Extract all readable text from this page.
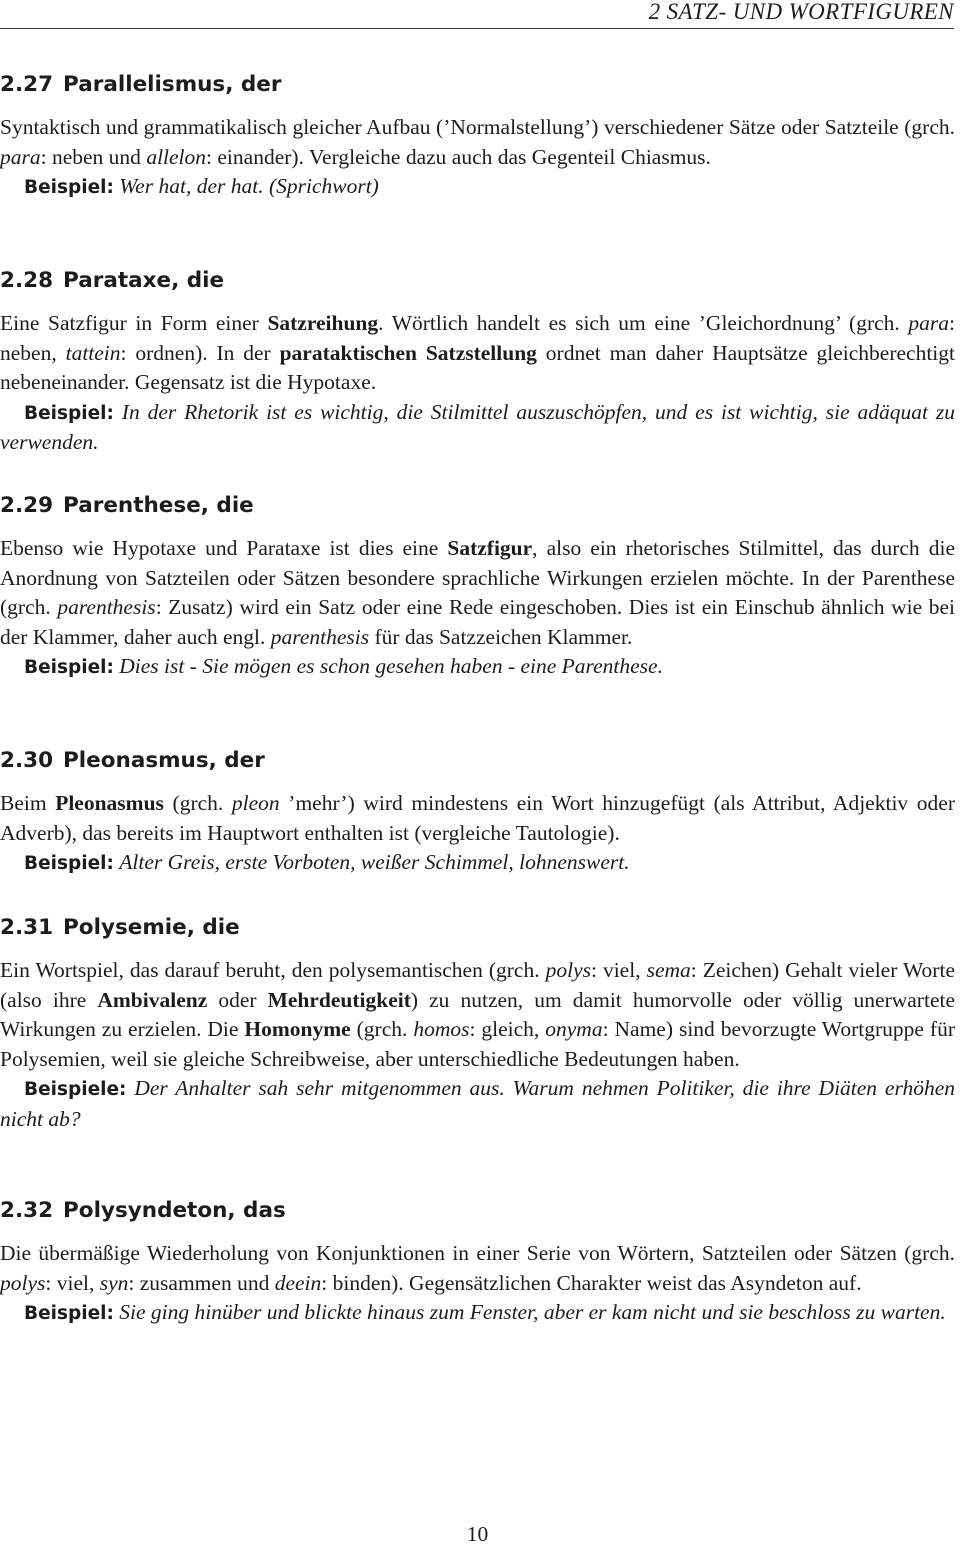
2 SATZ- UND WORTFIGUREN
2.27 Parallelismus, der

Syntaktisch und grammatikalisch gleicher Aufbau (’Normalstellung’) verschiedener Sätze oder Satzteile (grch. para: neben und allelon: einander). Vergleiche dazu auch das Gegenteil Chiasmus.

Beispiel: Wer hat, der hat. (Sprichwort)

2.28 Parataxe, die

Eine Satzfigur in Form einer Satzreihung. Wörtlich handelt es sich um eine ’Gleichordnung’ (grch. para: neben, tattein: ordnen). In der parataktischen Satzstellung ordnet man daher Hauptsätze gleichberechtigt nebeneinander. Gegensatz ist die Hypotaxe.

Beispiel: In der Rhetorik ist es wichtig, die Stilmittel auszuschöpfen, und es ist wichtig, sie adäquat zu verwenden.

2.29 Parenthese, die

Ebenso wie Hypotaxe und Parataxe ist dies eine Satzfigur, also ein rhetorisches Stilmittel, das durch die Anordnung von Satzteilen oder Sätzen besondere sprachliche Wirkungen erzielen möchte. In der Parenthese (grch. parenthesis: Zusatz) wird ein Satz oder eine Rede eingeschoben. Dies ist ein Einschub ähnlich wie bei der Klammer, daher auch engl. parenthesis für das Satzzeichen Klammer.

Beispiel: Dies ist - Sie mögen es schon gesehen haben - eine Parenthese.

2.30 Pleonasmus, der

Beim Pleonasmus (grch. pleon ’mehr’) wird mindestens ein Wort hinzugefügt (als Attribut, Adjektiv oder Adverb), das bereits im Hauptwort enthalten ist (vergleiche Tautologie).

Beispiel: Alter Greis, erste Vorboten, weißer Schimmel, lohnenswert.

2.31 Polysemie, die

Ein Wortspiel, das darauf beruht, den polysemantischen (grch. polys: viel, sema: Zeichen) Gehalt vieler Worte (also ihre Ambivalenz oder Mehrdeutigkeit) zu nutzen, um damit humorvolle oder völlig unerwartete Wirkungen zu erzielen. Die Homonyme (grch. homos: gleich, onyma: Name) sind bevorzugte Wortgruppe für Polysemien, weil sie gleiche Schreibweise, aber unterschiedliche Bedeutungen haben.

Beispiele: Der Anhalter sah sehr mitgenommen aus. Warum nehmen Politiker, die ihre Diäten erhöhen nicht ab?

2.32 Polysyndeton, das

Die übermäßige Wiederholung von Konjunktionen in einer Serie von Wörtern, Satzteilen oder Sätzen (grch. polys: viel, syn: zusammen und deein: binden). Gegensätzlichen Charakter weist das Asyndeton auf.

Beispiel: Sie ging hinüber und blickte hinaus zum Fenster, aber er kam nicht und sie beschloss zu warten.

10
